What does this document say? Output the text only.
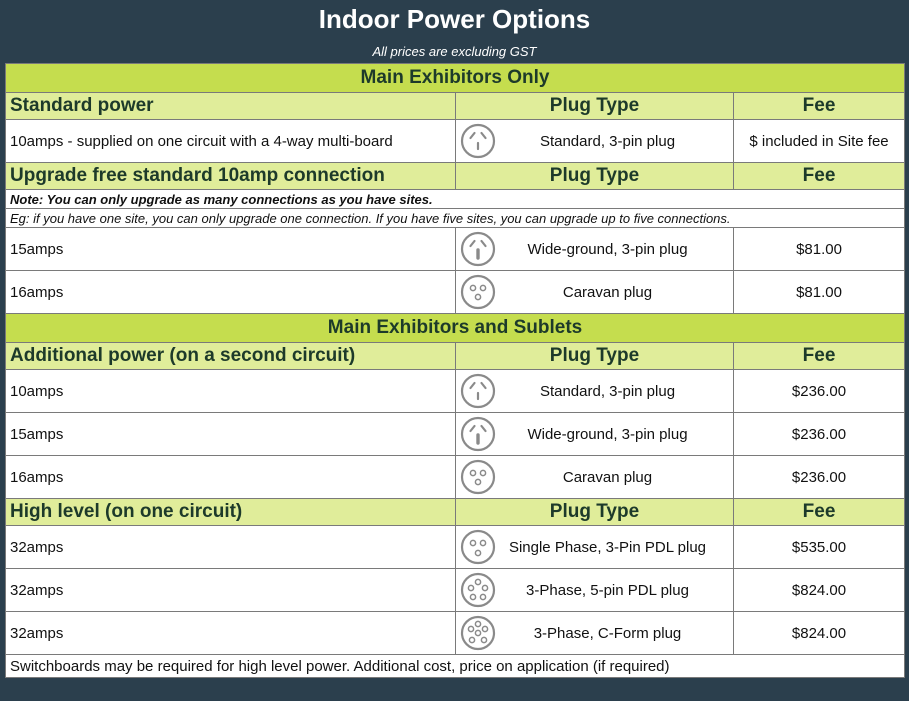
Indoor Power Options
All prices are excluding GST
Main Exhibitors Only		
Standard power	Plug Type	Fee
10amps - supplied on one circuit with a 4-way multi-board	Standard, 3-pin plug	$ included in Site fee
Upgrade free standard 10amp connection	Plug Type	Fee
Note: You can only upgrade as many connections as you have sites.		
Eg: if you have one site, you can only upgrade one connection. If you have five sites, you can upgrade up to five connections.		
15amps	Wide-ground, 3-pin plug	$81.00
16amps	Caravan plug	$81.00
Main Exhibitors and Sublets		
Additional power (on a second circuit)	Plug Type	Fee
10amps	Standard, 3-pin plug	$236.00
15amps	Wide-ground, 3-pin plug	$236.00
16amps	Caravan plug	$236.00
High level (on one circuit)	Plug Type	Fee
32amps	Single Phase, 3-Pin PDL plug	$535.00
32amps	3-Phase, 5-pin PDL plug	$824.00
32amps	3-Phase, C-Form plug	$824.00
Switchboards may be required for high level power. Additional cost, price on application (if required)		
